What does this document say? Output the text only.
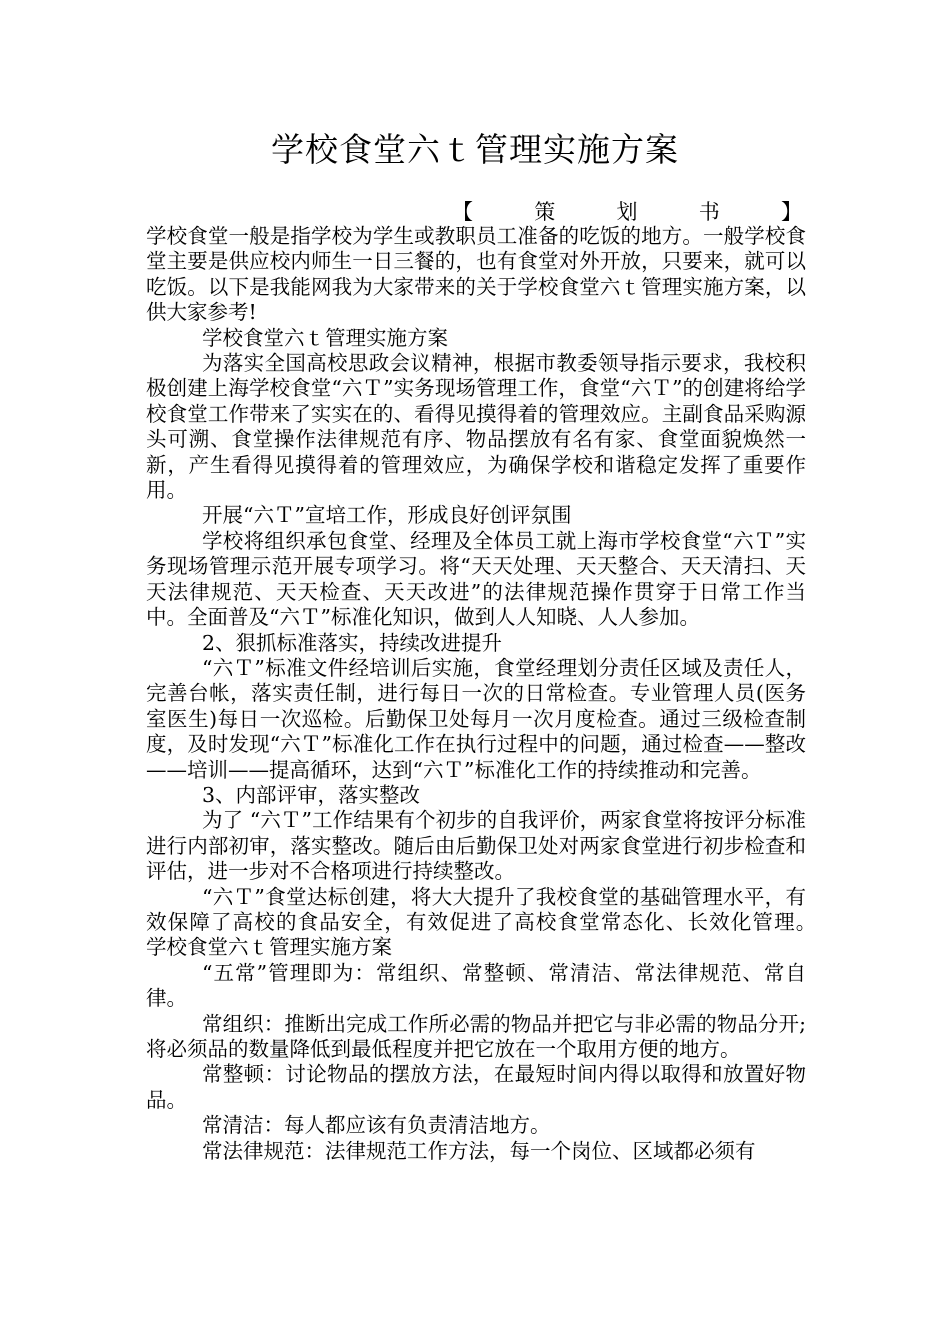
学校食堂六ｔ管理实施方案
【	策	划	书	】

学校食堂一般是指学校为学生或教职员工准备的吃饭的地方。一般学校食堂主要是供应校内师生一日三餐的，也有食堂对外开放，只要来，就可以吃饭。以下是我能网我为大家带来的关于学校食堂六ｔ管理实施方案，以供大家参考!

学校食堂六ｔ管理实施方案

为落实全国高校思政会议精神，根据市教委领导指示要求，我校积极创建上海学校食堂“六Ｔ”实务现场管理工作，食堂“六Ｔ”的创建将给学校食堂工作带来了实实在的、看得见摸得着的管理效应。主副食品采购源头可溯、食堂操作法律规范有序、物品摆放有名有家、食堂面貌焕然一新，产生看得见摸得着的管理效应，为确保学校和谐稳定发挥了重要作用。

开展“六Ｔ”宣培工作，形成良好创评氛围

学校将组织承包食堂、经理及全体员工就上海市学校食堂“六Ｔ”实务现场管理示范开展专项学习。将“天天处理、天天整合、天天清扫、天天法律规范、天天检查、天天改进”的法律规范操作贯穿于日常工作当中。全面普及“六Ｔ”标准化知识，做到人人知晓、人人参加。

2、狠抓标准落实，持续改进提升

“六Ｔ”标准文件经培训后实施，食堂经理划分责任区域及责任人，完善台帐，落实责任制，进行每日一次的日常检查。专业管理人员(医务室医生)每日一次巡检。后勤保卫处每月一次月度检查。通过三级检查制度，及时发现“六Ｔ”标准化工作在执行过程中的问题，通过检查——整改——培训——提高循环，达到“六Ｔ”标准化工作的持续推动和完善。

3、内部评审，落实整改

为了 “六Ｔ”工作结果有个初步的自我评价，两家食堂将按评分标准进行内部初审，落实整改。随后由后勤保卫处对两家食堂进行初步检查和评估，进一步对不合格项进行持续整改。

“六Ｔ”食堂达标创建，将大大提升了我校食堂的基础管理水平，有效保障了高校的食品安全，有效促进了高校食堂常态化、长效化管理。　　学校食堂六ｔ管理实施方案

“五常”管理即为：常组织、常整顿、常清洁、常法律规范、常自律。

常组织：推断出完成工作所必需的物品并把它与非必需的物品分开;将必须品的数量降低到最低程度并把它放在一个取用方便的地方。

常整顿：讨论物品的摆放方法，在最短时间内得以取得和放置好物品。

常清洁：每人都应该有负责清洁地方。

常法律规范：法律规范工作方法，每一个岗位、区域都必须有
